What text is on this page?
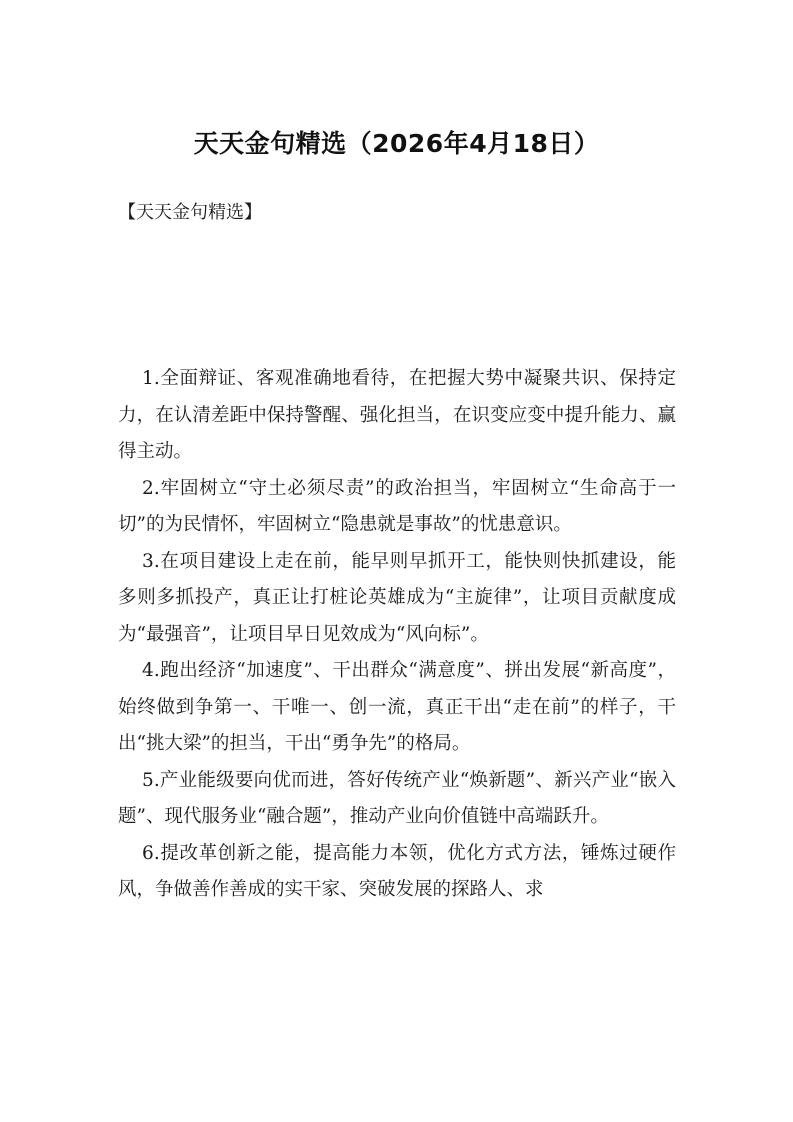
天天金句精选（2026年4月18日）

【天天金句精选】

1.全面辩证、客观准确地看待，在把握大势中凝聚共识、保持定力，在认清差距中保持警醒、强化担当，在识变应变中提升能力、赢得主动。

2.牢固树立“守土必须尽责”的政治担当，牢固树立“生命高于一切”的为民情怀，牢固树立“隐患就是事故”的忧患意识。

3.在项目建设上走在前，能早则早抓开工，能快则快抓建设，能多则多抓投产，真正让打桩论英雄成为“主旋律”，让项目贡献度成为“最强音”，让项目早日见效成为“风向标”。

4.跑出经济“加速度”、干出群众“满意度”、拼出发展“新高度”，始终做到争第一、干唯一、创一流，真正干出“走在前”的样子，干出“挑大梁”的担当，干出“勇争先”的格局。

5.产业能级要向优而进，答好传统产业“焕新题”、新兴产业“嵌入题”、现代服务业“融合题”，推动产业向价值链中高端跃升。

6.提改革创新之能，提高能力本领，优化方式方法，锤炼过硬作风，争做善作善成的实干家、突破发展的探路人、求
